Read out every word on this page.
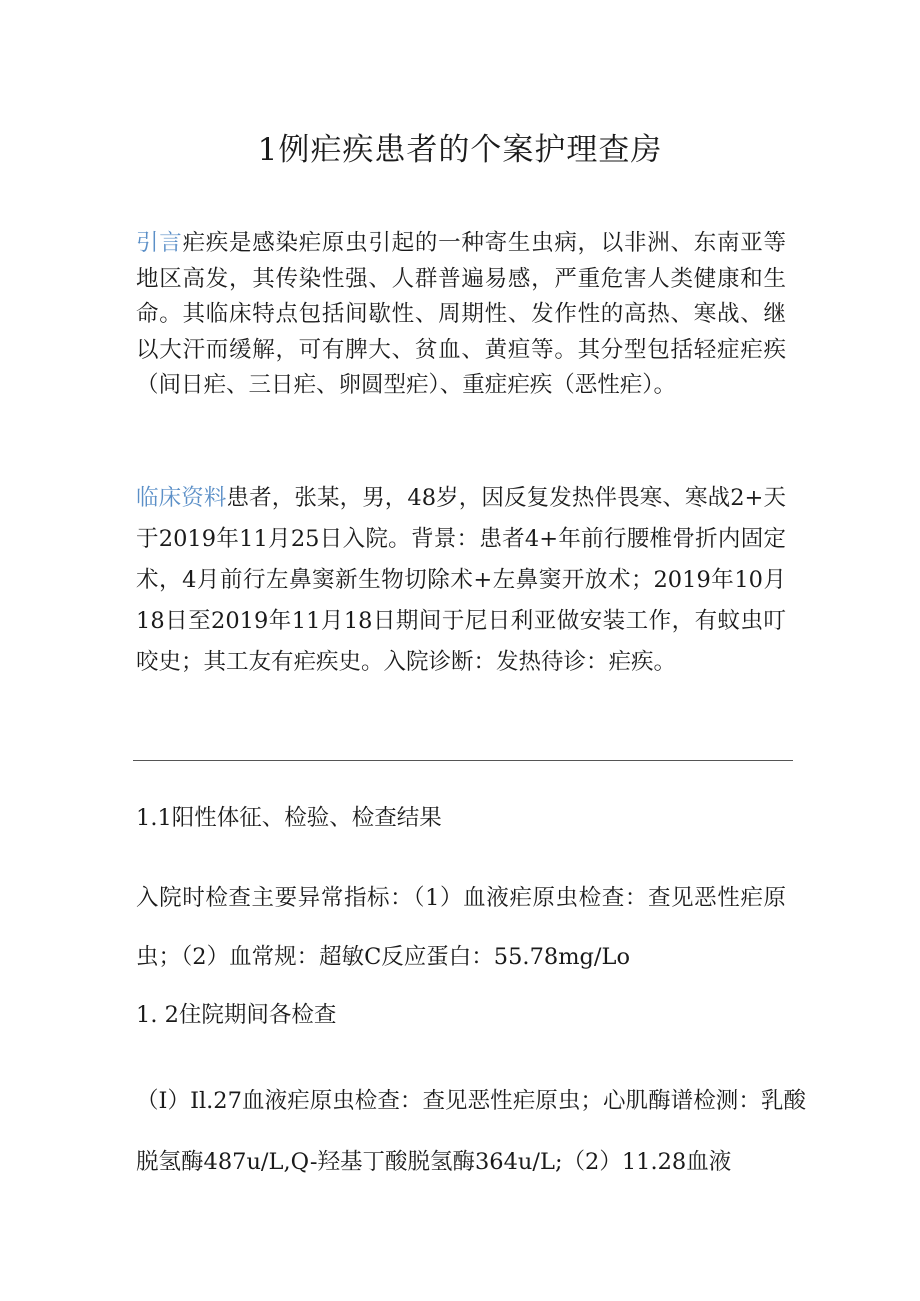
1例疟疾患者的个案护理查房

引言疟疾是感染疟原虫引起的一种寄生虫病，以非洲、东南亚等地区高发，其传染性强、人群普遍易感，严重危害人类健康和生命。其临床特点包括间歇性、周期性、发作性的高热、寒战、继以大汗而缓解，可有脾大、贫血、黄疸等。其分型包括轻症疟疾（间日疟、三日疟、卵圆型疟）、重症疟疾（恶性疟）。

临床资料患者，张某，男，48岁，因反复发热伴畏寒、寒战2+天于2019年11月25日入院。背景：患者4+年前行腰椎骨折内固定术，4月前行左鼻窦新生物切除术+左鼻窦开放术；2019年10月18日至2019年11月18日期间于尼日利亚做安装工作，有蚊虫叮咬史；其工友有疟疾史。入院诊断：发热待诊：疟疾。

1.1阳性体征、检验、检查结果

入院时检查主要异常指标：（1）血液疟原虫检查：查见恶性疟原虫；（2）血常规：超敏C反应蛋白：55.78mg/Lo

1. 2住院期间各检查

（I）Il.27血液疟原虫检查：查见恶性疟原虫；心肌酶谱检测：乳酸脱氢酶487u/L,Q-羟基丁酸脱氢酶364u/L;（2）11.28血液
